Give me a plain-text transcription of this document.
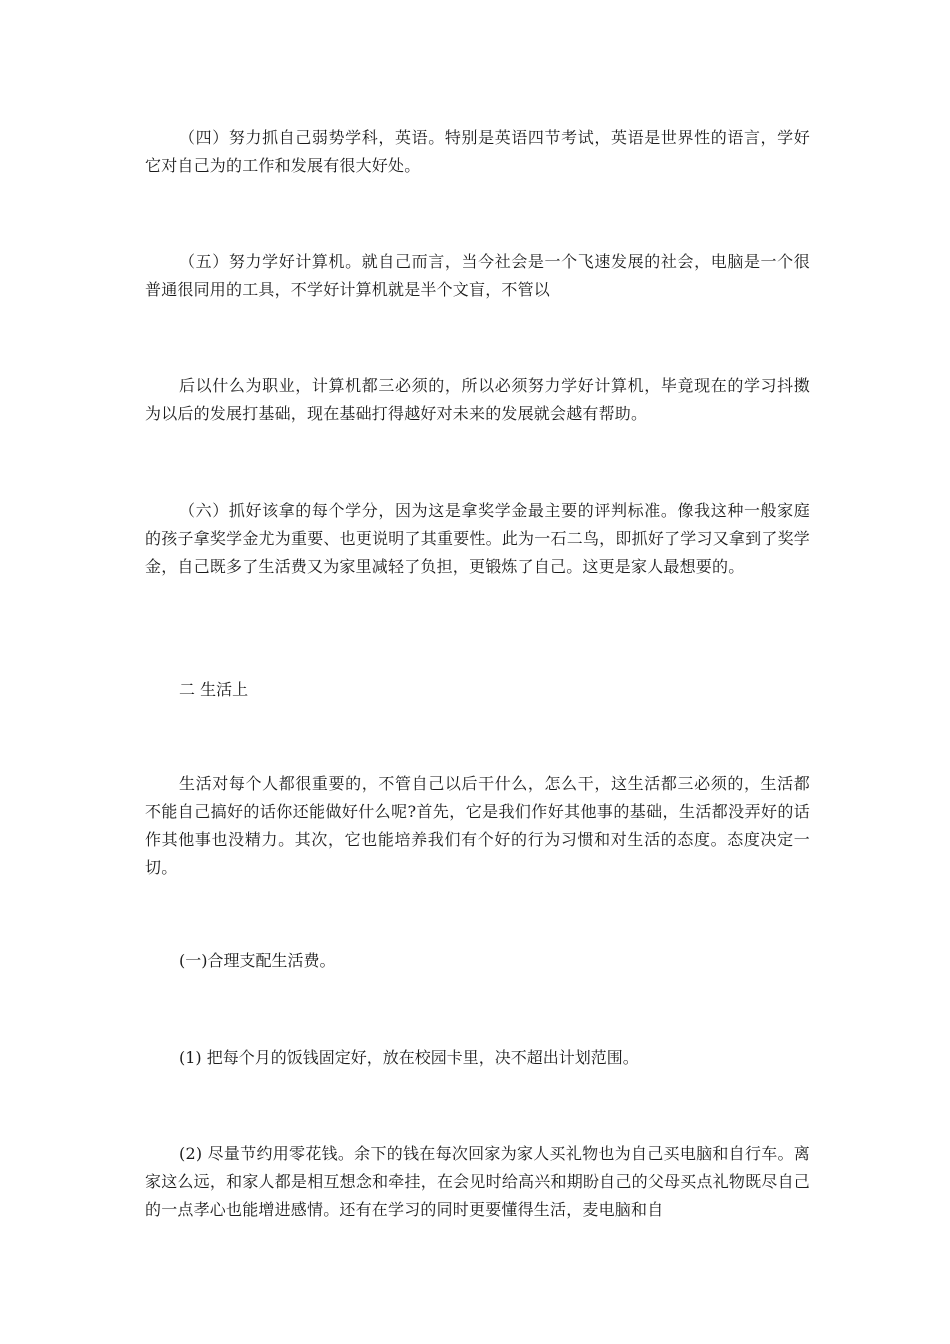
（四）努力抓自己弱势学科，英语。特别是英语四节考试，英语是世界性的语言，学好它对自己为的工作和发展有很大好处。

（五）努力学好计算机。就自己而言，当今社会是一个飞速发展的社会，电脑是一个很普通很同用的工具，不学好计算机就是半个文盲，不管以

后以什么为职业，计算机都三必须的，所以必须努力学好计算机，毕竟现在的学习抖擞为以后的发展打基础，现在基础打得越好对未来的发展就会越有帮助。

（六）抓好该拿的每个学分，因为这是拿奖学金最主要的评判标准。像我这种一般家庭的孩子拿奖学金尤为重要、也更说明了其重要性。此为一石二鸟，即抓好了学习又拿到了奖学金，自己既多了生活费又为家里减轻了负担，更锻炼了自己。这更是家人最想要的。

二 生活上

生活对每个人都很重要的，不管自己以后干什么，怎么干，这生活都三必须的，生活都不能自己搞好的话你还能做好什么呢?首先，它是我们作好其他事的基础，生活都没弄好的话作其他事也没精力。其次，它也能培养我们有个好的行为习惯和对生活的态度。态度决定一切。

(一)合理支配生活费。

(1) 把每个月的饭钱固定好，放在校园卡里，决不超出计划范围。

(2) 尽量节约用零花钱。余下的钱在每次回家为家人买礼物也为自己买电脑和自行车。离家这么远，和家人都是相互想念和牵挂，在会见时给高兴和期盼自己的父母买点礼物既尽自己的一点孝心也能增进感情。还有在学习的同时更要懂得生活，麦电脑和自
